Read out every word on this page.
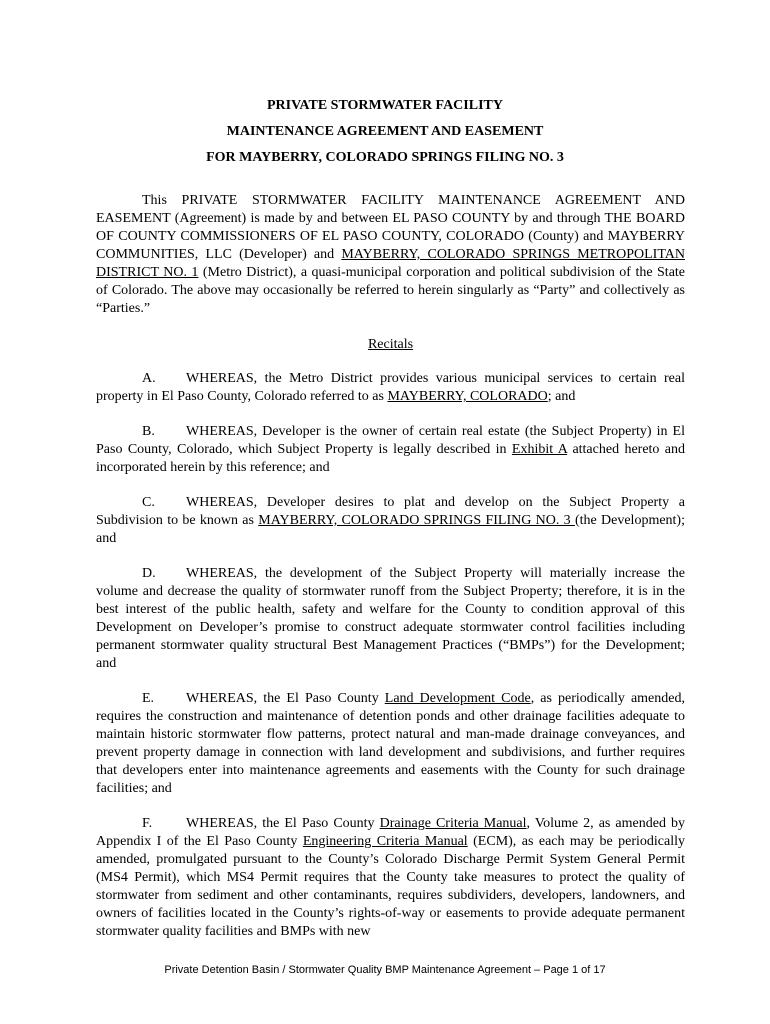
PRIVATE STORMWATER FACILITY

MAINTENANCE AGREEMENT AND EASEMENT

FOR MAYBERRY, COLORADO SPRINGS FILING NO. 3

This PRIVATE STORMWATER FACILITY MAINTENANCE AGREEMENT AND EASEMENT (Agreement) is made by and between EL PASO COUNTY by and through THE BOARD OF COUNTY COMMISSIONERS OF EL PASO COUNTY, COLORADO (County) and MAYBERRY COMMUNITIES, LLC (Developer) and MAYBERRY, COLORADO SPRINGS METROPOLITAN DISTRICT NO. 1 (Metro District), a quasi-municipal corporation and political subdivision of the State of Colorado. The above may occasionally be referred to herein singularly as “Party” and collectively as “Parties.”

Recitals

A. WHEREAS, the Metro District provides various municipal services to certain real property in El Paso County, Colorado referred to as MAYBERRY, COLORADO; and

B. WHEREAS, Developer is the owner of certain real estate (the Subject Property) in El Paso County, Colorado, which Subject Property is legally described in Exhibit A attached hereto and incorporated herein by this reference; and

C. WHEREAS, Developer desires to plat and develop on the Subject Property a Subdivision to be known as MAYBERRY, COLORADO SPRINGS FILING NO. 3 (the Development); and

D. WHEREAS, the development of the Subject Property will materially increase the volume and decrease the quality of stormwater runoff from the Subject Property; therefore, it is in the best interest of the public health, safety and welfare for the County to condition approval of this Development on Developer’s promise to construct adequate stormwater control facilities including permanent stormwater quality structural Best Management Practices (“BMPs”) for the Development; and

E. WHEREAS, the El Paso County Land Development Code, as periodically amended, requires the construction and maintenance of detention ponds and other drainage facilities adequate to maintain historic stormwater flow patterns, protect natural and man-made drainage conveyances, and prevent property damage in connection with land development and subdivisions, and further requires that developers enter into maintenance agreements and easements with the County for such drainage facilities; and

F. WHEREAS, the El Paso County Drainage Criteria Manual, Volume 2, as amended by Appendix I of the El Paso County Engineering Criteria Manual (ECM), as each may be periodically amended, promulgated pursuant to the County’s Colorado Discharge Permit System General Permit (MS4 Permit), which MS4 Permit requires that the County take measures to protect the quality of stormwater from sediment and other contaminants, requires subdividers, developers, landowners, and owners of facilities located in the County’s rights-of-way or easements to provide adequate permanent stormwater quality facilities and BMPs with new

Private Detention Basin / Stormwater Quality BMP Maintenance Agreement – Page 1 of 17
